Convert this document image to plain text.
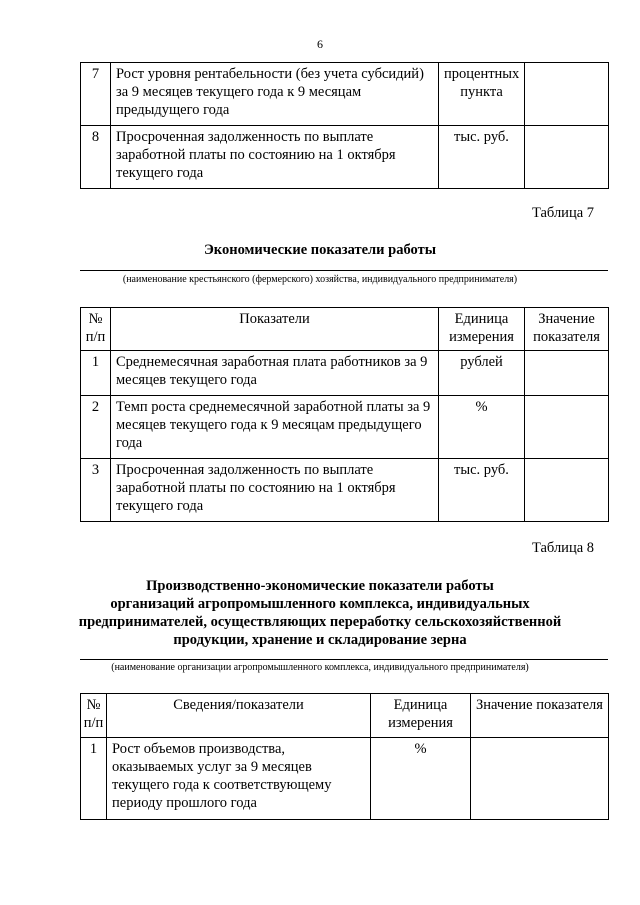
6
7	Рост уровня рентабельности (без учета субсидий) за 9 месяцев текущего года к 9 месяцам предыдущего года	процентных пункта	
8	Просроченная задолженность по выплате заработной платы по состоянию на 1 октября текущего года	тыс. руб.	
Таблица 7
Экономические показатели работы
(наименование крестьянского (фермерского) хозяйства, индивидуального предпринимателя)
№ п/п	Показатели	Единица измерения	Значение показателя
1	Среднемесячная заработная плата работников за 9 месяцев текущего года	рублей	
2	Темп роста среднемесячной заработной платы за 9 месяцев текущего года к 9 месяцам предыдущего года	%	
3	Просроченная задолженность по выплате заработной платы по состоянию на 1 октября текущего года	тыс. руб.	
Таблица 8
Производственно-экономические показатели работы
организаций агропромышленного комплекса, индивидуальных
предпринимателей, осуществляющих переработку сельскохозяйственной
продукции, хранение и складирование зерна
(наименование организации агропромышленного комплекса, индивидуального предпринимателя)
№ п/п	Сведения/показатели	Единица измерения	Значение показателя
1	Рост объемов производства, оказываемых услуг за 9 месяцев текущего года к соответствующему периоду прошлого года	%	
